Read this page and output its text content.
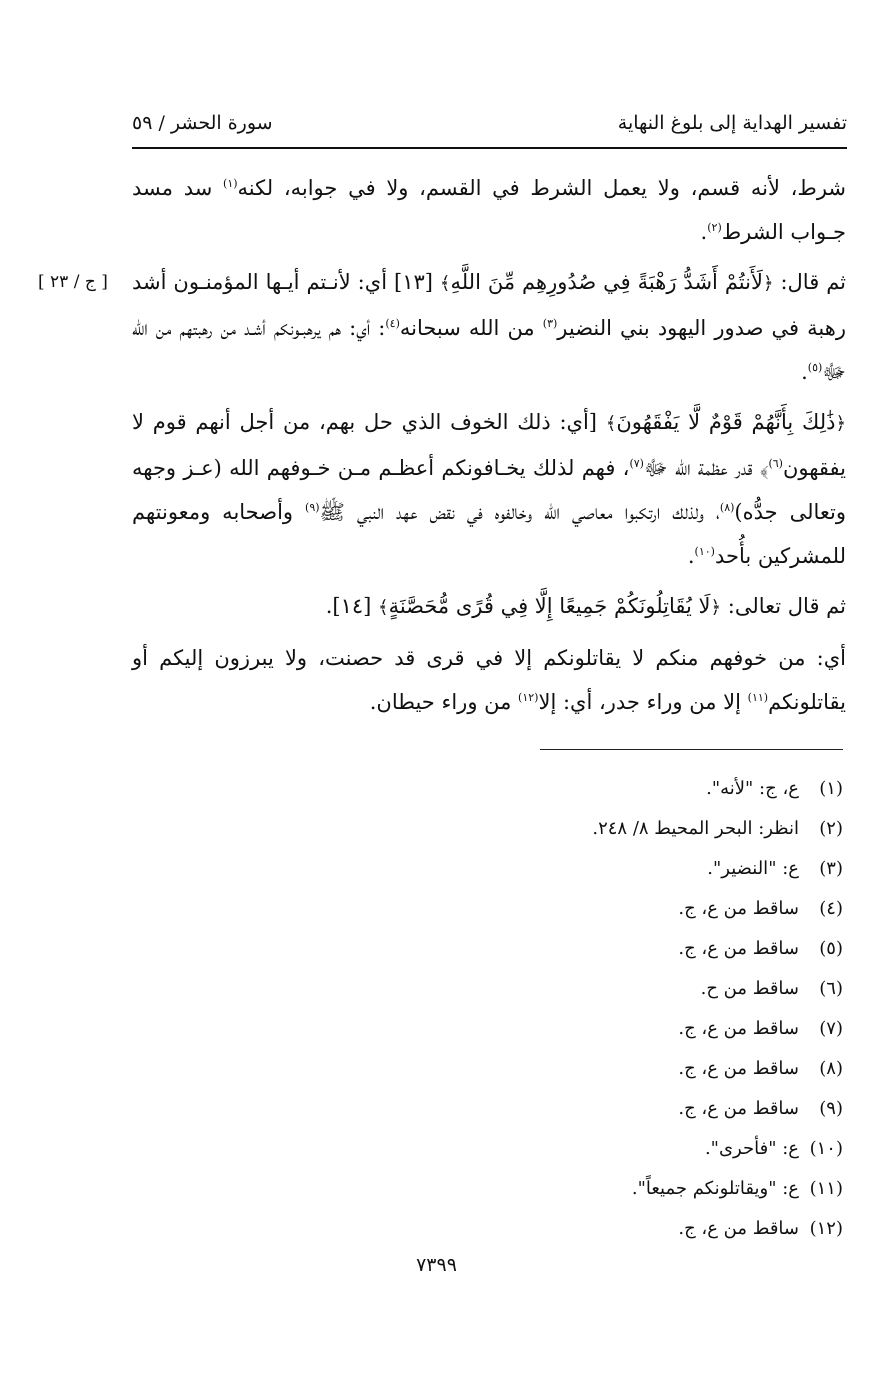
تفسير الهداية إلى بلوغ النهاية
سورة الحشر / ٥٩
[ ج / ٢٣ ]

شرط، لأنه قسم، ولا يعمل الشرط في القسم، ولا في جوابه، لكنه$^{(١)}$ سد مسد جـواب الشرط$^{(٢)}$.

ثم قال: ﴿لَأَنتُمْ أَشَدُّ رَهْبَةً فِي صُدُورِهِم مِّنَ اللَّهِ﴾ [١٣] أي: لأنـتم أيـها المؤمنـون أشد رهبة في صدور اليهود بني النضير$^{(٣)}$ من الله سبحانه$^{(٤)}$: أي: هم يرهبـونكم أشـد من رهبتهم من الله ﷻ$^{(٥)}$.

﴿ذَٰلِكَ بِأَنَّهُمْ قَوْمٌ لَّا يَفْقَهُونَ﴾ [أي: ذلك الخوف الذي حل بهم، من أجل أنهم قوم لا يفقهون$^{(٦)}$﴾ قدر عظمة الله ﷻ$^{(٧)}$، فهم لذلك يخـافونكم أعظـم مـن خـوفهم الله (عـز وجهه وتعالى جدُّه)$^{(٨)}$، ولذلك ارتكبوا معاصي الله وخالفوه في نقض عهد النبي ﷺ$^{(٩)}$ وأصحابه ومعونتهم للمشركين بأُحد$^{(١٠)}$.

ثم قال تعالى: ﴿لَا يُقَاتِلُونَكُمْ جَمِيعًا إِلَّا فِي قُرًى مُّحَصَّنَةٍ﴾ [١٤].

أي: من خوفهم منكم لا يقاتلونكم إلا في قرى قد حصنت، ولا يبرزون إليكم أو يقاتلونكم$^{(١١)}$ إلا من وراء جدر، أي: إلا$^{(١٢)}$ من وراء حيطان.

(١)ع، ج: "لأنه".
(٢)انظر: البحر المحيط ٨/ ٢٤٨.
(٣)ع: "النضير".
(٤)ساقط من ع، ج.
(٥)ساقط من ع، ج.
(٦)ساقط من ح.
(٧)ساقط من ع، ج.
(٨)ساقط من ع، ج.
(٩)ساقط من ع، ج.
(١٠)ع: "فأحرى".
(١١)ع: "ويقاتلونكم جميعاً".
(١٢)ساقط من ع، ج.
٧٣٩٩
